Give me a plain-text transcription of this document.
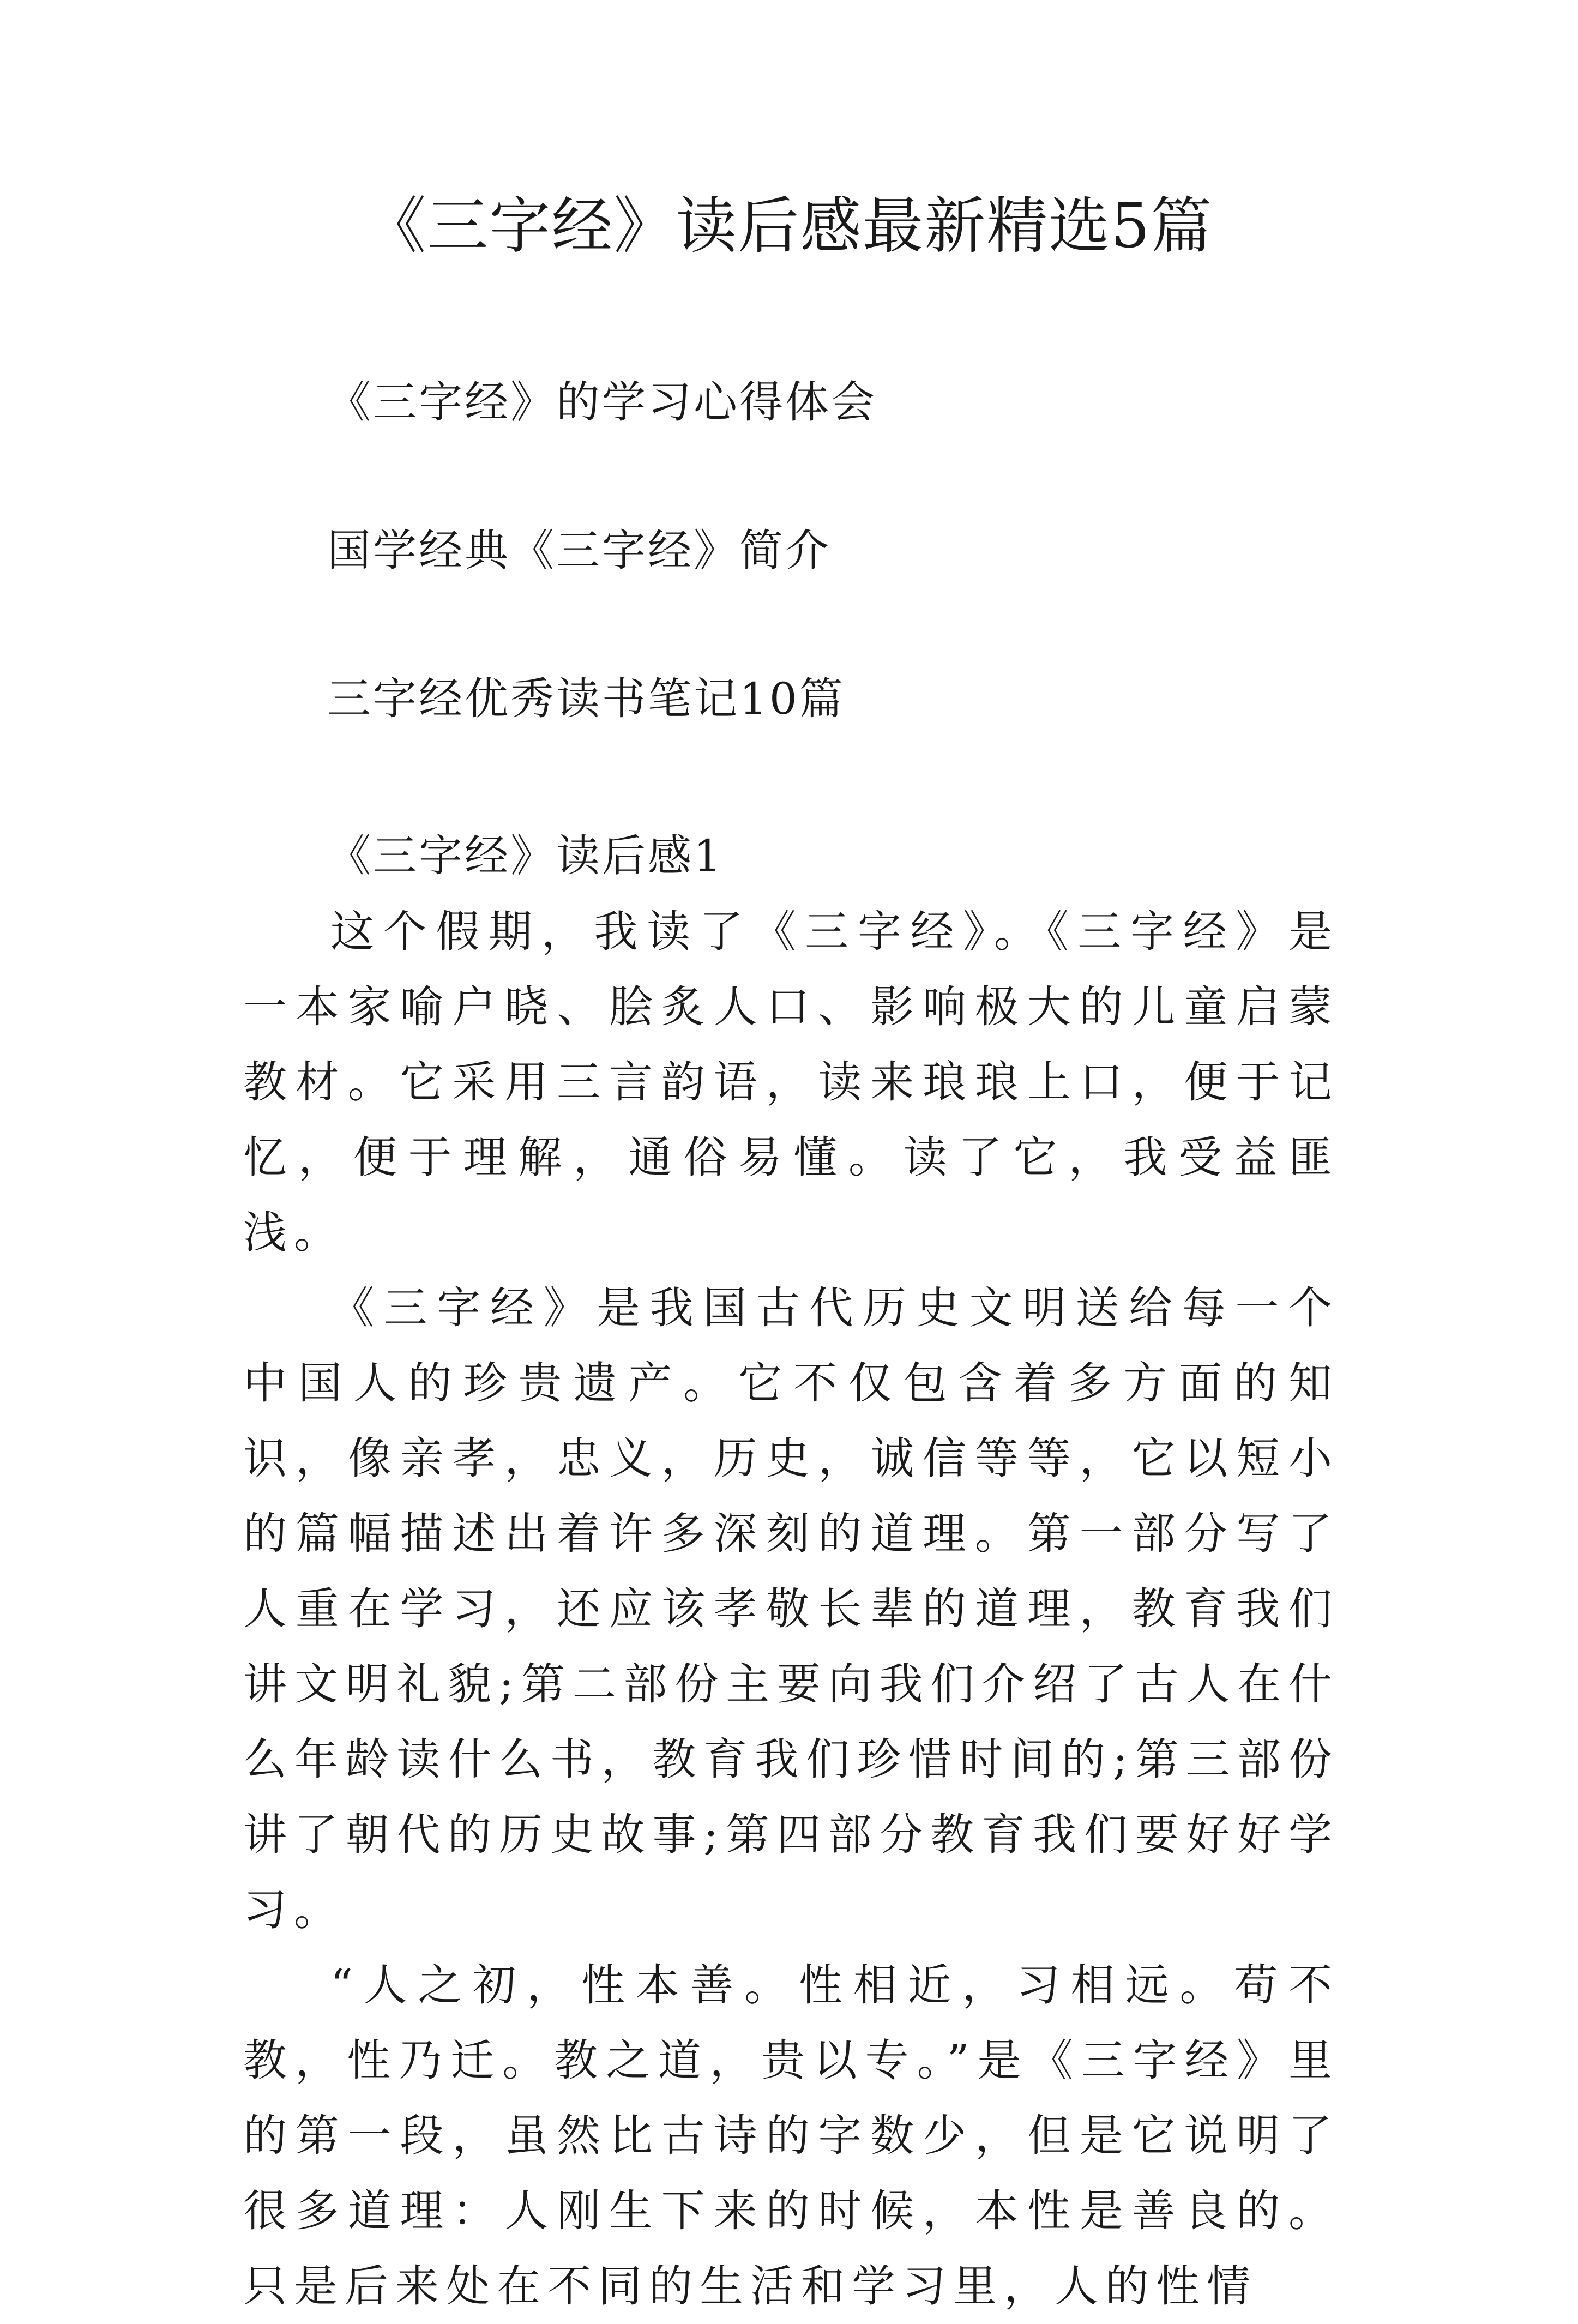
《三字经》读后感最新精选5篇

《三字经》的学习心得体会

国学经典《三字经》简介

三字经优秀读书笔记10篇

《三字经》读后感1

这个假期，我读了《三字经》。《三字经》是一本家喻户晓、脍炙人口、影响极大的儿童启蒙教材。它采用三言韵语，读来琅琅上口，便于记忆，便于理解，通俗易懂。读了它，我受益匪浅。

《三字经》是我国古代历史文明送给每一个中国人的珍贵遗产。它不仅包含着多方面的知识，像亲孝，忠义，历史，诚信等等，它以短小的篇幅描述出着许多深刻的道理。第一部分写了人重在学习，还应该孝敬长辈的道理，教育我们讲文明礼貌;第二部份主要向我们介绍了古人在什么年龄读什么书，教育我们珍惜时间的;第三部份讲了朝代的历史故事;第四部分教育我们要好好学习。

“人之初，性本善。性相近，习相远。苟不教，性乃迁。教之道，贵以专。”是《三字经》里的第一段，虽然比古诗的字数少，但是它说明了很多道理：人刚生下来的时候，本性是善良的。只是后来处在不同的生活和学习里，人的性情
